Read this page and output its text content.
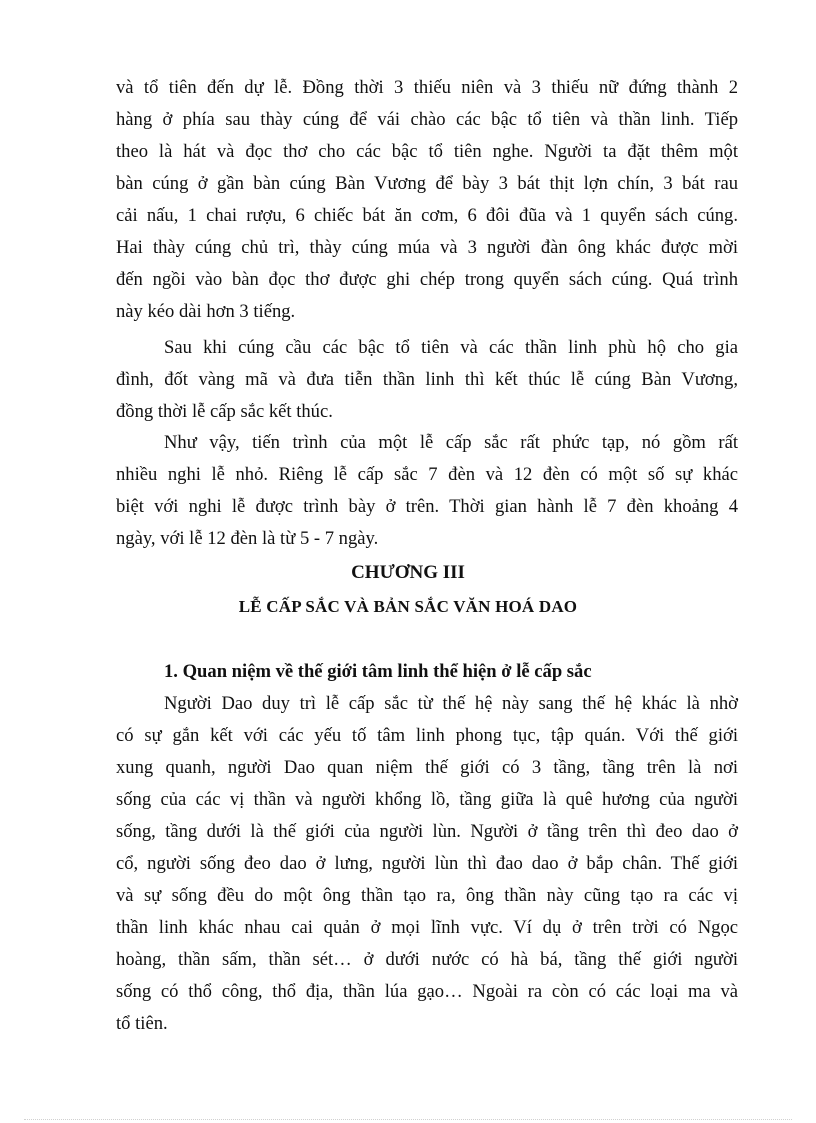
và tổ tiên đến dự lễ. Đồng thời 3 thiếu niên và 3 thiếu nữ đứng thành 2
hàng ở phía sau thày cúng để vái chào các bậc tổ tiên và thần linh. Tiếp
theo là hát và đọc thơ cho các bậc tổ tiên nghe. Người ta đặt thêm một
bàn cúng ở gần bàn cúng Bàn Vương để bày 3 bát thịt lợn chín, 3 bát rau
cải nấu, 1 chai rượu, 6 chiếc bát ăn cơm, 6 đôi đũa và 1 quyển sách cúng.
Hai thày cúng chủ trì, thày cúng múa và 3 người đàn ông khác được mời
đến ngồi vào bàn đọc thơ được ghi chép trong quyển sách cúng. Quá trình
này kéo dài hơn 3 tiếng.
Sau khi cúng cầu các bậc tổ tiên và các thần linh phù hộ cho gia
đình, đốt vàng mã và đưa tiễn thần linh thì kết thúc lễ cúng Bàn Vương,
đồng thời lễ cấp sắc kết thúc.
Như vậy, tiến trình của một lễ cấp sắc rất phức tạp, nó gồm rất
nhiều nghi lễ nhỏ. Riêng lễ cấp sắc 7 đèn và 12 đèn có một số sự khác
biệt với nghi lễ được trình bày ở trên. Thời gian hành lễ 7 đèn khoảng 4
ngày, với lễ 12 đèn là từ 5 - 7 ngày.
CHƯƠNG III
LỄ CẤP SẮC VÀ BẢN SẮC VĂN HOÁ DAO
1. Quan niệm về thế giới tâm linh thể hiện ở lễ cấp sắc
Người Dao duy trì lễ cấp sắc từ thế hệ này sang thế hệ khác là nhờ
có sự gắn kết với các yếu tố tâm linh phong tục, tập quán. Với thế giới
xung quanh, người Dao quan niệm thế giới có 3 tầng, tầng trên là nơi
sống của các vị thần và người khổng lồ, tầng giữa là quê hương của người
sống, tầng dưới là thế giới của người lùn. Người ở tầng trên thì đeo dao ở
cổ, người sống đeo dao ở lưng, người lùn thì đao dao ở bắp chân. Thế giới
và sự sống đều do một ông thần tạo ra, ông thần này cũng tạo ra các vị
thần linh khác nhau cai quản ở mọi lĩnh vực. Ví dụ ở trên trời có Ngọc
hoàng, thần sấm, thần sét… ở dưới nước có hà bá, tầng thế giới người
sống có thổ công, thổ địa, thần lúa gạo… Ngoài ra còn có các loại ma và
tổ tiên.
